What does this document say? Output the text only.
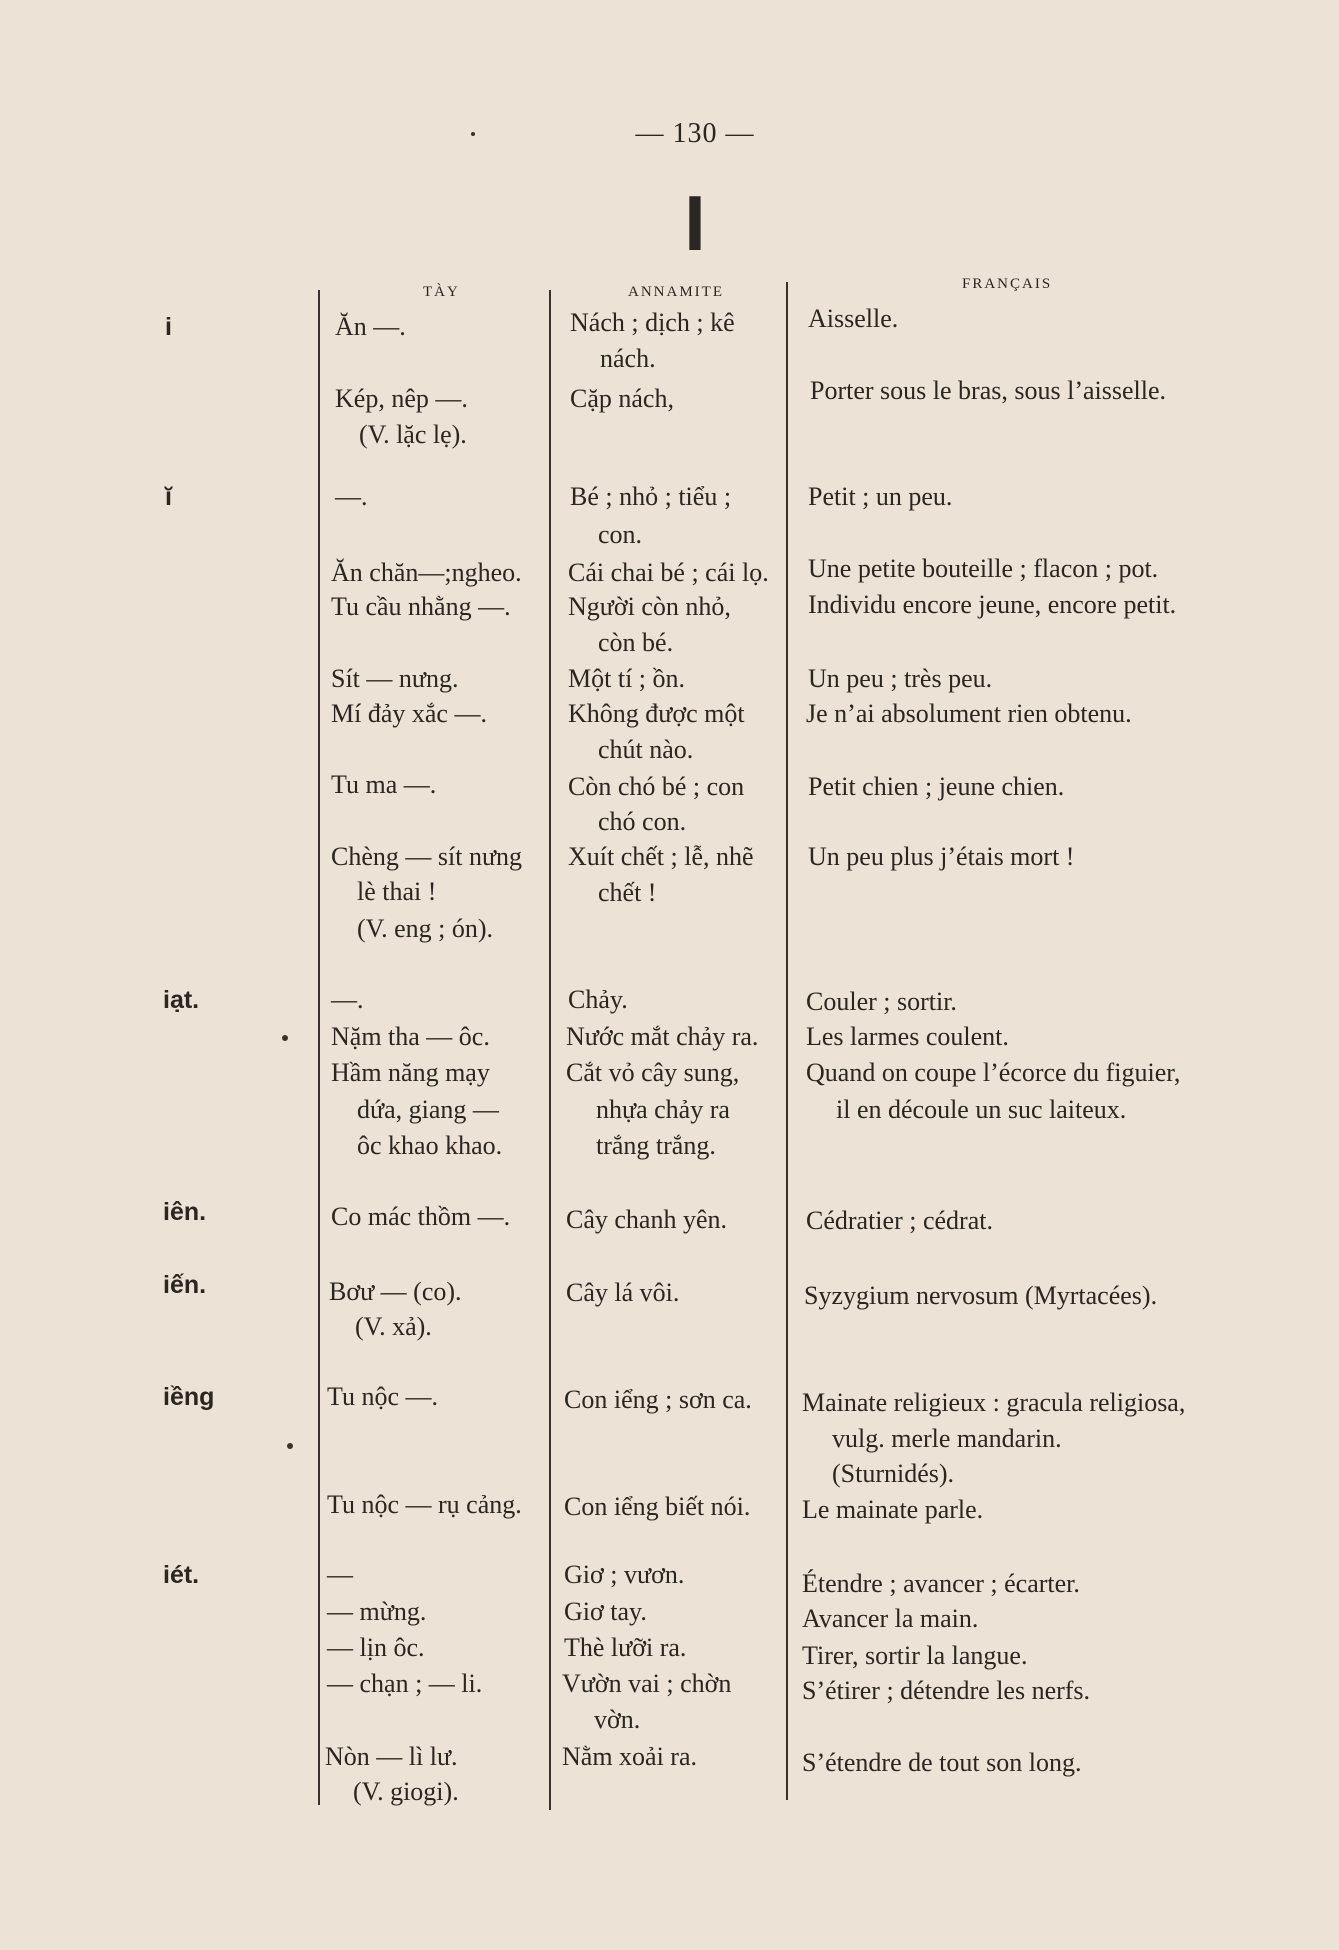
— 130 —
I
TÀY	ANNAMITE	FRANÇAIS
i
ĭ
iạt.
iên.
iến.
iềng
iét.
Ăn —.
Kép, nêp —.
(V. lặc lẹ).
—.
Ăn chăn—;ngheo.
Tu cầu nhằng —.
Sít — nưng.
Mí đảy xắc —.
Tu ma —.
Chèng — sít nưng
lè thai !
(V. eng ; ón).
—.
Nặm tha — ôc.
Hầm năng mạy
dứa, giang —
ôc khao khao.
Co mác thồm —.
Bơư — (co).
(V. xả).
Tu nộc —.
Tu nộc — rụ cảng.
—
— mừng.
— lịn ôc.
— chạn ; — li.
Nòn — lì lư.
(V. giogi).
Nách ; dịch ; kê
nách.
Cặp nách,
Bé ; nhỏ ; tiểu ;
con.
Cái chai bé ; cái lọ.
Người còn nhỏ,
còn bé.
Một tí ; ồn.
Không được một
chút nào.
Còn chó bé ; con
chó con.
Xuít chết ; lễ, nhẽ
chết !
Chảy.
Nước mắt chảy ra.
Cắt vỏ cây sung,
nhựa chảy ra
trắng trắng.
Cây chanh yên.
Cây lá vôi.
Con iểng ; sơn ca.
Con iểng biết nói.
Giơ ; vươn.
Giơ tay.
Thè lưỡi ra.
Vườn vai ; chờn
vờn.
Nằm xoải ra.
Aisselle.
Porter sous le bras, sous l’aisselle.
Petit ; un peu.
Une petite bouteille ; flacon ; pot.
Individu encore jeune, encore petit.
Un peu ; très peu.
Je n’ai absolument rien obtenu.
Petit chien ; jeune chien.
Un peu plus j’étais mort !
Couler ; sortir.
Les larmes coulent.
Quand on coupe l’écorce du figuier,
il en découle un suc laiteux.
Cédratier ; cédrat.
Syzygium nervosum (Myrtacées).
Mainate religieux : gracula religiosa,
vulg. merle mandarin.
(Sturnidés).
Le mainate parle.
Étendre ; avancer ; écarter.
Avancer la main.
Tirer, sortir la langue.
S’étirer ; détendre les nerfs.
S’étendre de tout son long.
